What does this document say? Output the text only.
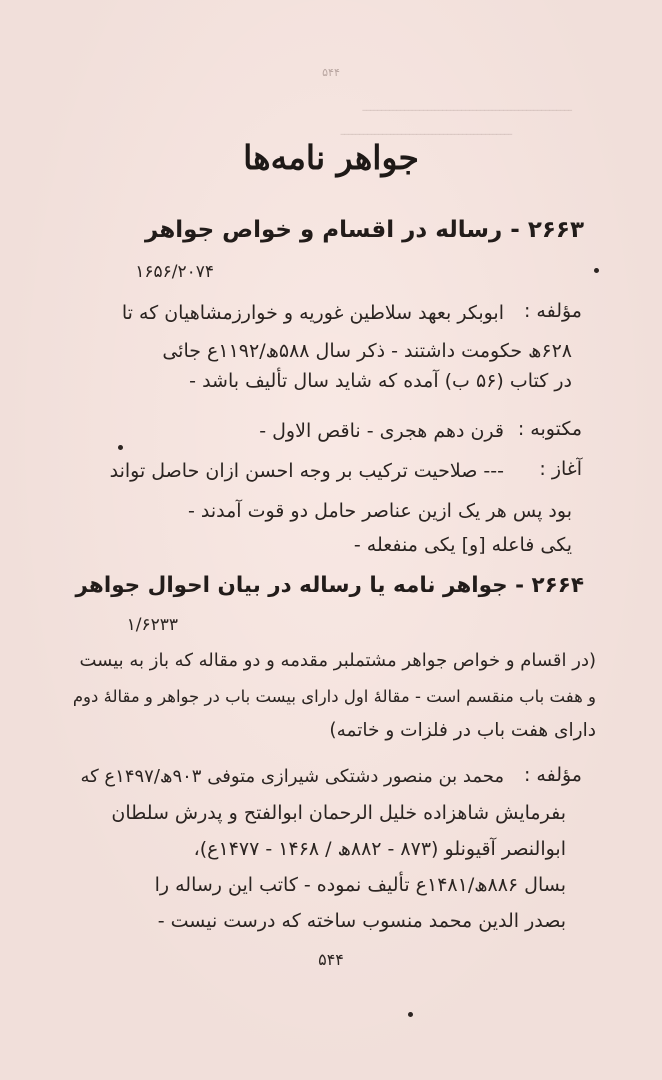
ـــــــــــــــــــــــــــــــــــــــــــــــــــــــ
ـــــــــــــــــــــــــــــــــــــــــــــ
۵۴۴
جواهر نامه‌ها
۲۶۶۳ - رساله در اقسام و خواص جواهر
۱۶۵۶/۲۰۷۴
مؤلفه :
ابوبکر بعهد سلاطین غوریه و خوارزمشاهیان که تا
۶۲۸ھ حکومت داشتند - ذکر سال ۵۸۸ھ/۱۱۹۲ع جائی
در کتاب (۵۶ ب) آمده که شاید سال تألیف باشد -
مکتوبه :
قرن دهم هجری - ناقص الاول -
آغاز :
--- صلاحیت ترکیب بر وجه احسن ازان حاصل تواند
بود پس هر یک ازین عناصر حامل دو قوت آمدند -
یکی فاعله [و] یکی منفعله -
۲۶۶۴ - جواهر نامه یا رساله در بیان احوال جواهر
۱/۶۲۳۳
(در اقسام و خواص جواهر مشتملبر مقدمه و دو مقاله که باز به بیست
و هفت باب منقسم است - مقالهٔ اول دارای بیست باب در جواهر و مقالهٔ دوم
دارای هفت باب در فلزات و خاتمه)
مؤلفه :
محمد بن منصور دشتکی شیرازی متوفی ۹۰۳ھ/۱۴۹۷ع که
بفرمایش شاهزاده خلیل الرحمان ابوالفتح و پدرش سلطان
ابوالنصر آقیونلو (۸۷۳ - ۸۸۲ھ / ۱۴۶۸ - ۱۴۷۷ع)،
بسال ۸۸۶ھ/۱۴۸۱ع تألیف نموده - کاتب این رساله را
بصدر الدین محمد منسوب ساخته که درست نیست -
۵۴۴
